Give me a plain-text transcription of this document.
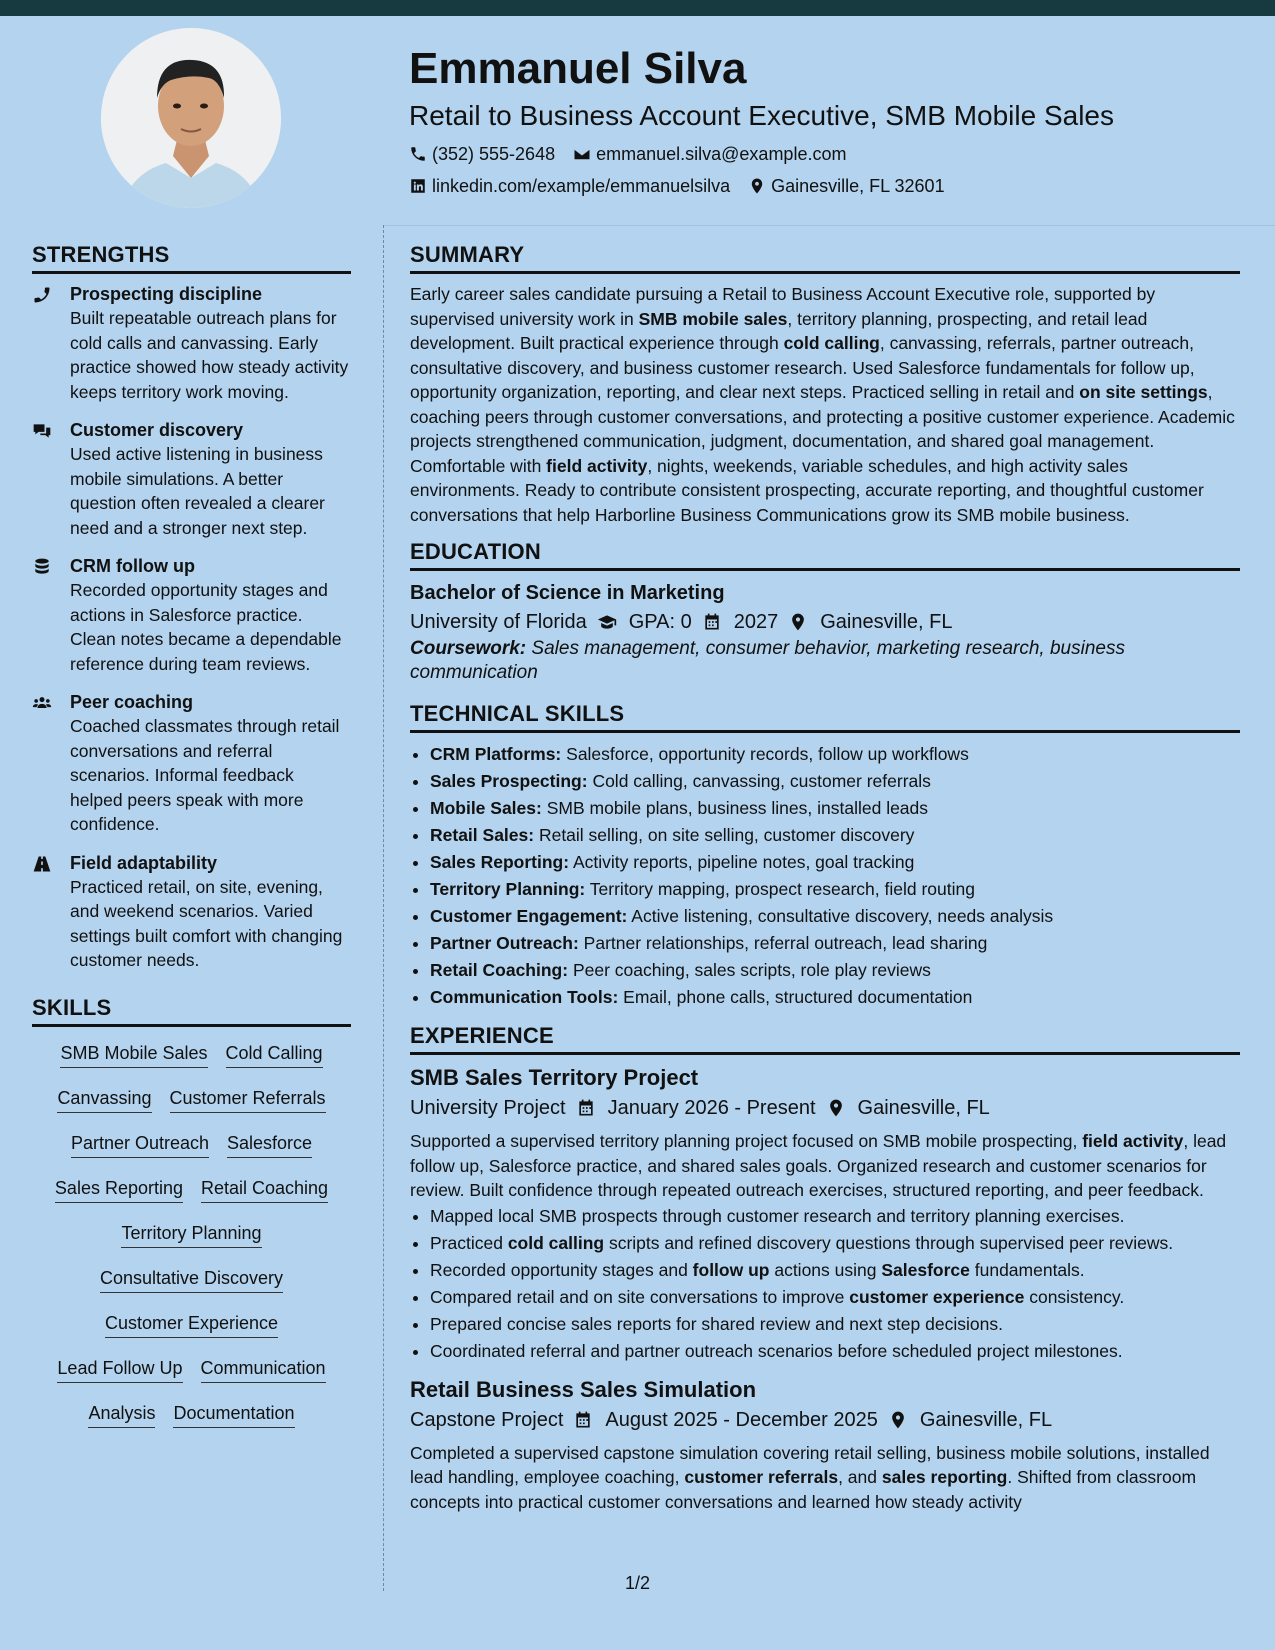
Emmanuel Silva
Retail to Business Account Executive, SMB Mobile Sales
(352) 555-2648 emmanuel.silva@example.com
linkedin.com/example/emmanuelsilva Gainesville, FL 32601
STRENGTHS
Prospecting discipline
Built repeatable outreach plans for cold calls and canvassing. Early practice showed how steady activity keeps territory work moving.
Customer discovery
Used active listening in business mobile simulations. A better question often revealed a clearer need and a stronger next step.
CRM follow up
Recorded opportunity stages and actions in Salesforce practice. Clean notes became a dependable reference during team reviews.
Peer coaching
Coached classmates through retail conversations and referral scenarios. Informal feedback helped peers speak with more confidence.
Field adaptability
Practiced retail, on site, evening, and weekend scenarios. Varied settings built comfort with changing customer needs.
SKILLS
SMB Mobile Sales Cold Calling
Canvassing Customer Referrals
Partner Outreach Salesforce
Sales Reporting Retail Coaching
Territory Planning
Consultative Discovery
Customer Experience
Lead Follow Up Communication
Analysis Documentation
SUMMARY

Early career sales candidate pursuing a Retail to Business Account Executive role, supported by supervised university work in SMB mobile sales, territory planning, prospecting, and retail lead development. Built practical experience through cold calling, canvassing, referrals, partner outreach, consultative discovery, and business customer research. Used Salesforce fundamentals for follow up, opportunity organization, reporting, and clear next steps. Practiced selling in retail and on site settings, coaching peers through customer conversations, and protecting a positive customer experience. Academic projects strengthened communication, judgment, documentation, and shared goal management. Comfortable with field activity, nights, weekends, variable schedules, and high activity sales environments. Ready to contribute consistent prospecting, accurate reporting, and thoughtful customer conversations that help Harborline Business Communications grow its SMB mobile business.

EDUCATION
Bachelor of Science in Marketing
University of Florida GPA: 0 2027 Gainesville, FL
Coursework: Sales management, consumer behavior, marketing research, business communication
TECHNICAL SKILLS
• CRM Platforms: Salesforce, opportunity records, follow up workflows
• Sales Prospecting: Cold calling, canvassing, customer referrals
• Mobile Sales: SMB mobile plans, business lines, installed leads
• Retail Sales: Retail selling, on site selling, customer discovery
• Sales Reporting: Activity reports, pipeline notes, goal tracking
• Territory Planning: Territory mapping, prospect research, field routing
• Customer Engagement: Active listening, consultative discovery, needs analysis
• Partner Outreach: Partner relationships, referral outreach, lead sharing
• Retail Coaching: Peer coaching, sales scripts, role play reviews
• Communication Tools: Email, phone calls, structured documentation
EXPERIENCE
SMB Sales Territory Project
University Project January 2026 - Present Gainesville, FL

Supported a supervised territory planning project focused on SMB mobile prospecting, field activity, lead follow up, Salesforce practice, and shared sales goals. Organized research and customer scenarios for review. Built confidence through repeated outreach exercises, structured reporting, and peer feedback.

• Mapped local SMB prospects through customer research and territory planning exercises.
• Practiced cold calling scripts and refined discovery questions through supervised peer reviews.
• Recorded opportunity stages and follow up actions using Salesforce fundamentals.
• Compared retail and on site conversations to improve customer experience consistency.
• Prepared concise sales reports for shared review and next step decisions.
• Coordinated referral and partner outreach scenarios before scheduled project milestones.
Retail Business Sales Simulation
Capstone Project August 2025 - December 2025 Gainesville, FL

Completed a supervised capstone simulation covering retail selling, business mobile solutions, installed lead handling, employee coaching, customer referrals, and sales reporting. Shifted from classroom concepts into practical customer conversations and learned how steady activity

1/2
